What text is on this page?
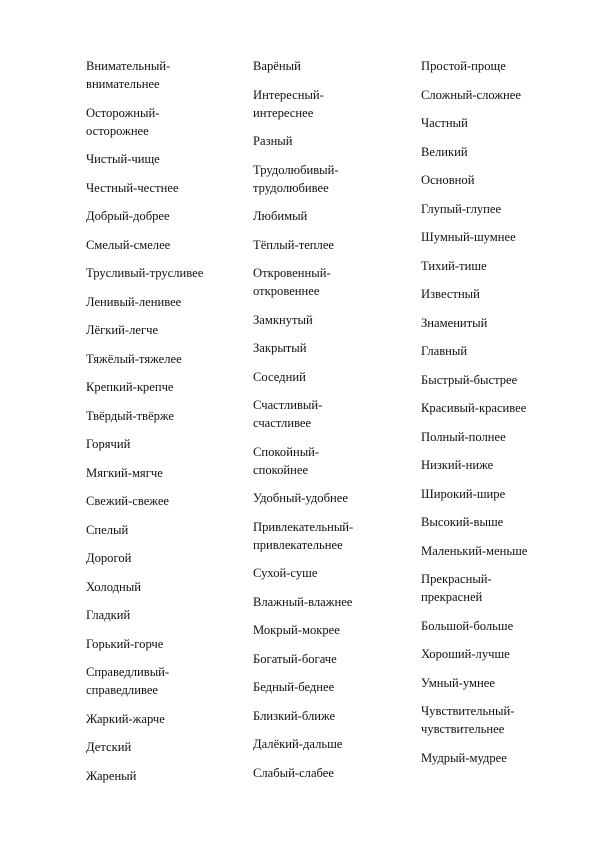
Внимательный-
внимательнее
Осторожный-
осторожнее
Чистый-чище
Честный-честнее
Добрый-добрее
Смелый-смелее
Трусливый-трусливее
Ленивый-ленивее
Лёгкий-легче
Тяжёлый-тяжелее
Крепкий-крепче
Твёрдый-твёрже
Горячий
Мягкий-мягче
Свежий-свежее
Спелый
Дорогой
Холодный
Гладкий
Горький-горче
Справедливый-
справедливее
Жаркий-жарче
Детский
Жареный
Варёный
Интересный-
интереснее
Разный
Трудолюбивый-
трудолюбивее
Любимый
Тёплый-теплее
Откровенный-
откровеннее
Замкнутый
Закрытый
Соседний
Счастливый-
счастливее
Спокойный-
спокойнее
Удобный-удобнее
Привлекательный-
привлекательнее
Сухой-суше
Влажный-влажнее
Мокрый-мокрее
Богатый-богаче
Бедный-беднее
Близкий-ближе
Далёкий-дальше
Слабый-слабее
Простой-проще
Сложный-сложнее
Частный
Великий
Основной
Глупый-глупее
Шумный-шумнее
Тихий-тише
Известный
Знаменитый
Главный
Быстрый-быстрее
Красивый-красивее
Полный-полнее
Низкий-ниже
Широкий-шире
Высокий-выше
Маленький-меньше
Прекрасный-
прекрасней
Большой-больше
Хороший-лучше
Умный-умнее
Чувствительный-
чувствительнее
Мудрый-мудрее
